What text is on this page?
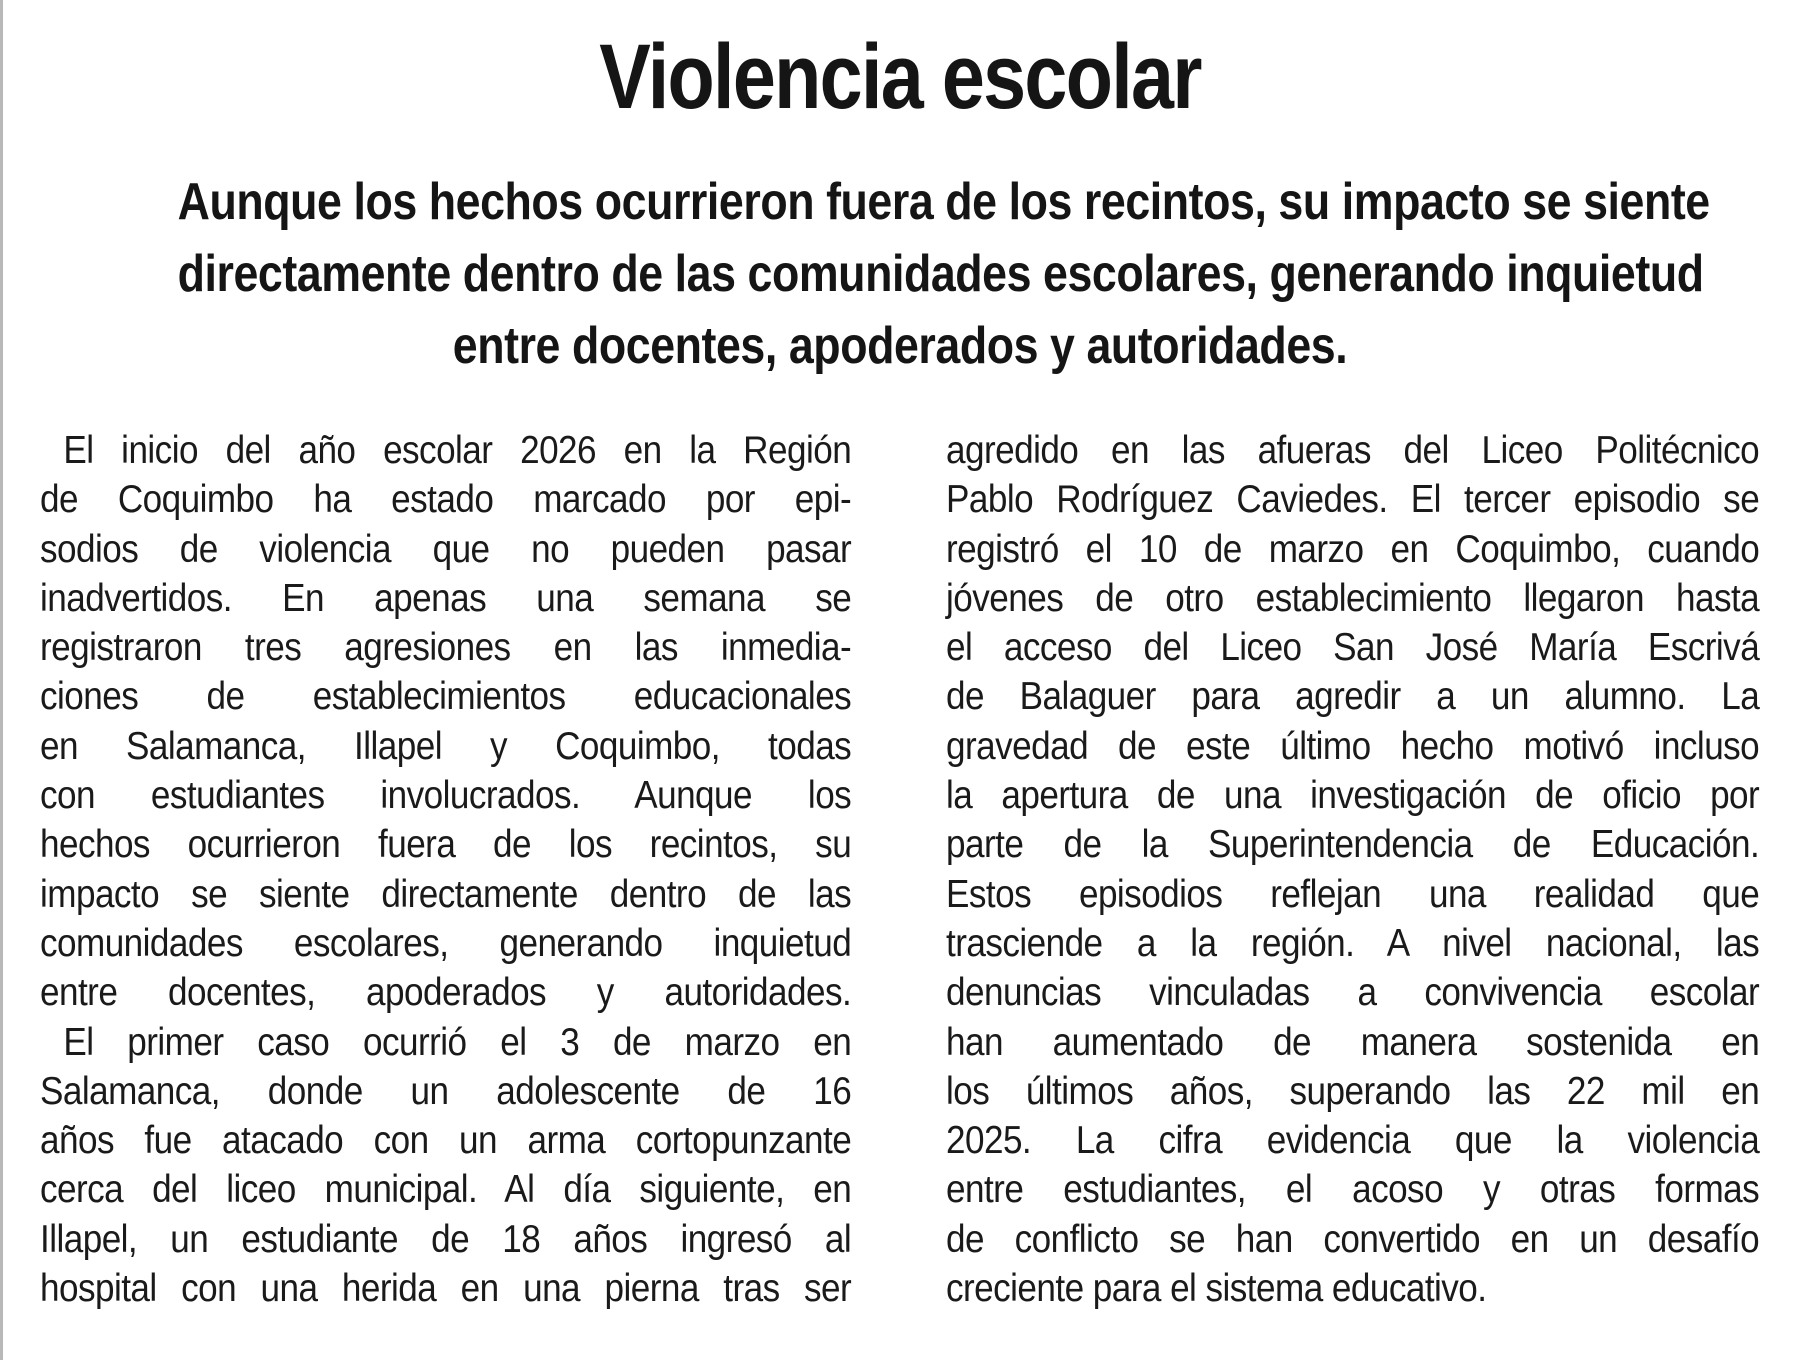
Violencia escolar
Aunque los hechos ocurrieron fuera de los recintos, su impacto se siente
directamente dentro de las comunidades escolares, generando inquietud
entre docentes, apoderados y autoridades.
El inicio del año escolar 2026 en la Región
de Coquimbo ha estado marcado por epi-
sodios de violencia que no pueden pasar
inadvertidos. En apenas una semana se
registraron tres agresiones en las inmedia-
ciones de establecimientos educacionales
en Salamanca, Illapel y Coquimbo, todas
con estudiantes involucrados. Aunque los
hechos ocurrieron fuera de los recintos, su
impacto se siente directamente dentro de las
comunidades escolares, generando inquietud
entre docentes, apoderados y autoridades.
El primer caso ocurrió el 3 de marzo en
Salamanca, donde un adolescente de 16
años fue atacado con un arma cortopunzante
cerca del liceo municipal. Al día siguiente, en
Illapel, un estudiante de 18 años ingresó al
hospital con una herida en una pierna tras ser
agredido en las afueras del Liceo Politécnico
Pablo Rodríguez Caviedes. El tercer episodio se
registró el 10 de marzo en Coquimbo, cuando
jóvenes de otro establecimiento llegaron hasta
el acceso del Liceo San José María Escrivá
de Balaguer para agredir a un alumno. La
gravedad de este último hecho motivó incluso
la apertura de una investigación de oficio por
parte de la Superintendencia de Educación.
Estos episodios reflejan una realidad que
trasciende a la región. A nivel nacional, las
denuncias vinculadas a convivencia escolar
han aumentado de manera sostenida en
los últimos años, superando las 22 mil en
2025. La cifra evidencia que la violencia
entre estudiantes, el acoso y otras formas
de conflicto se han convertido en un desafío
creciente para el sistema educativo.
